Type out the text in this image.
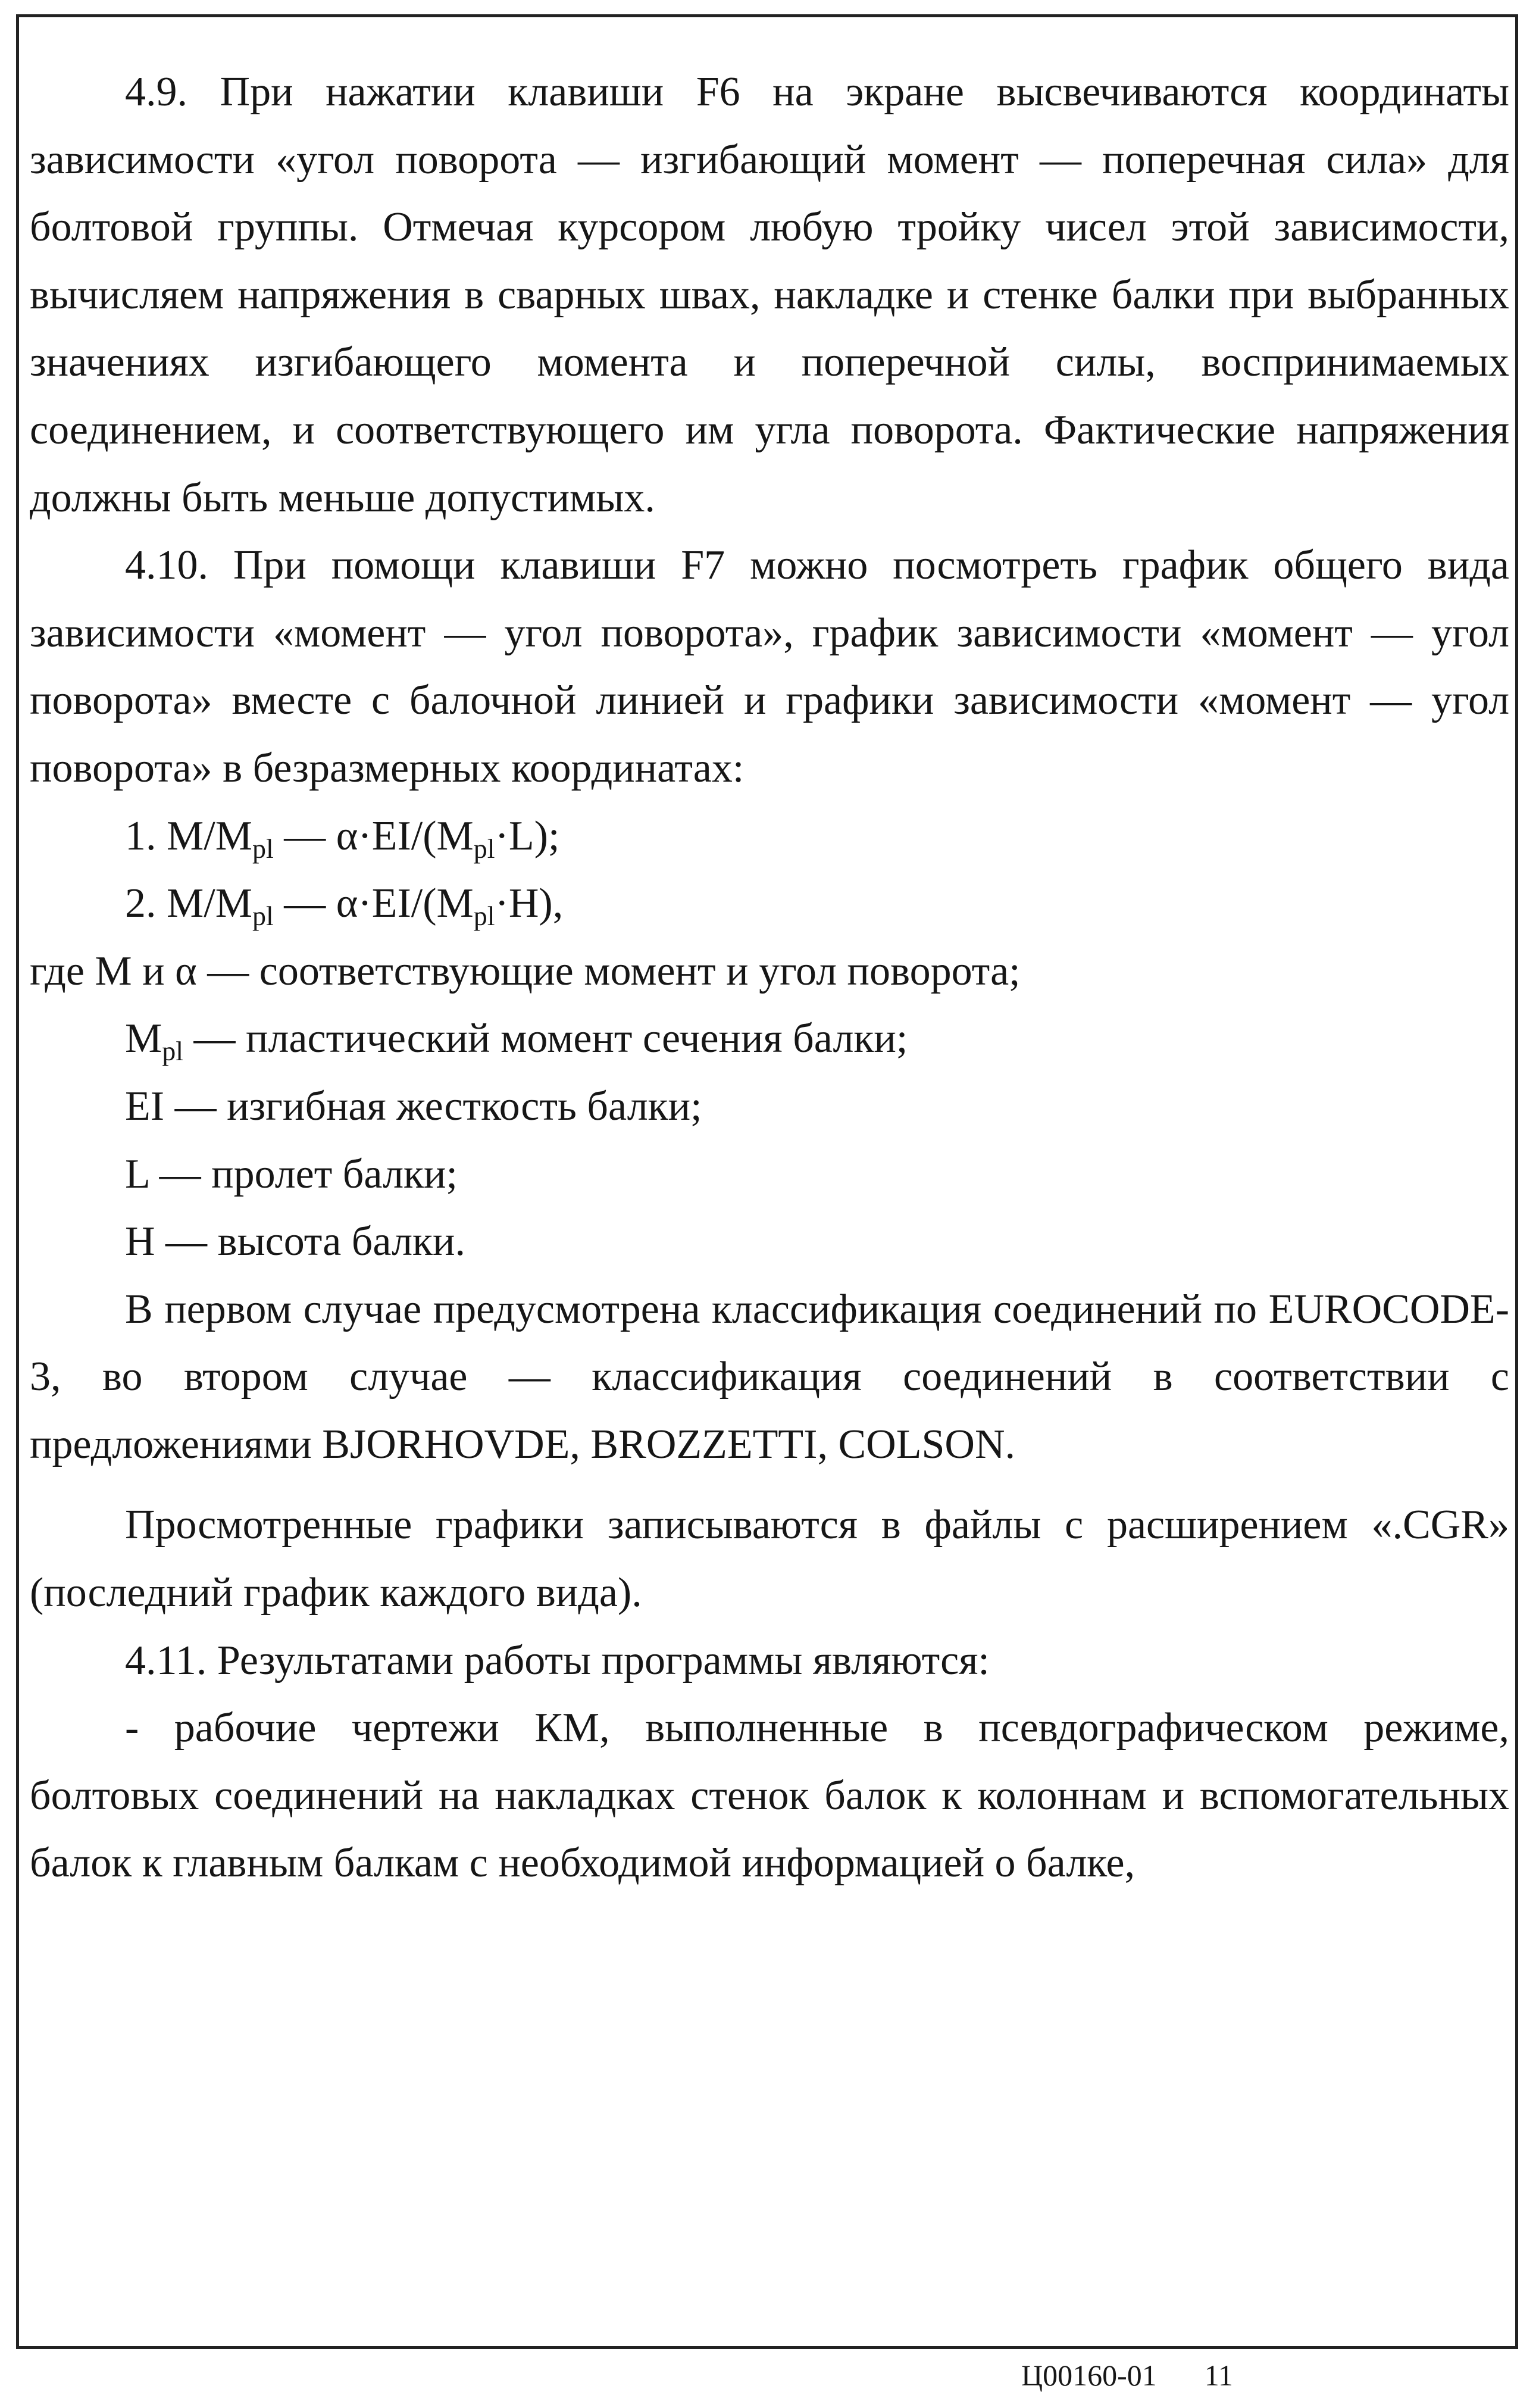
4.9. При нажатии клавиши F6 на экране высвечиваются координаты зависимости «угол поворота — изгибающий момент — поперечная сила» для болтовой группы. Отмечая курсором любую тройку чисел этой зависимости, вычисляем напряжения в сварных швах, накладке и стенке балки при выбранных значениях изгибающего момента и поперечной силы, воспринимаемых соединением, и соответствующего им угла поворота. Фактические напряжения должны быть меньше допустимых.

4.10. При помощи клавиши F7 можно посмотреть график общего вида зависимости «момент — угол поворота», график зависимости «момент — угол поворота» вместе с балочной линией и графики зависимости «момент — угол поворота» в безразмерных координатах:

1. $M/M_{pl}$ — $\alpha\cdot EI/(M_{pl}\cdot L)$;

2. $M/M_{pl}$ — $\alpha\cdot EI/(M_{pl}\cdot H)$,

где M и α — соответствующие момент и угол поворота;

$M_{pl}$ — пластический момент сечения балки;

EI — изгибная жесткость балки;

L — пролет балки;

H — высота балки.

В первом случае предусмотрена классификация соединений по EUROCODE-3, во втором случае — классификация соединений в соответствии с предложениями BJORHOVDE, BROZZETTI, COLSON.

Просмотренные графики записываются в файлы с расширением «.CGR» (последний график каждого вида).

4.11. Результатами работы программы являются:

- рабочие чертежи КМ, выполненные в псевдографическом режиме, болтовых соединений на накладках стенок балок к колоннам и вспомогательных балок к главным балкам с необходимой информацией о балке,

Ц00160-01 11
